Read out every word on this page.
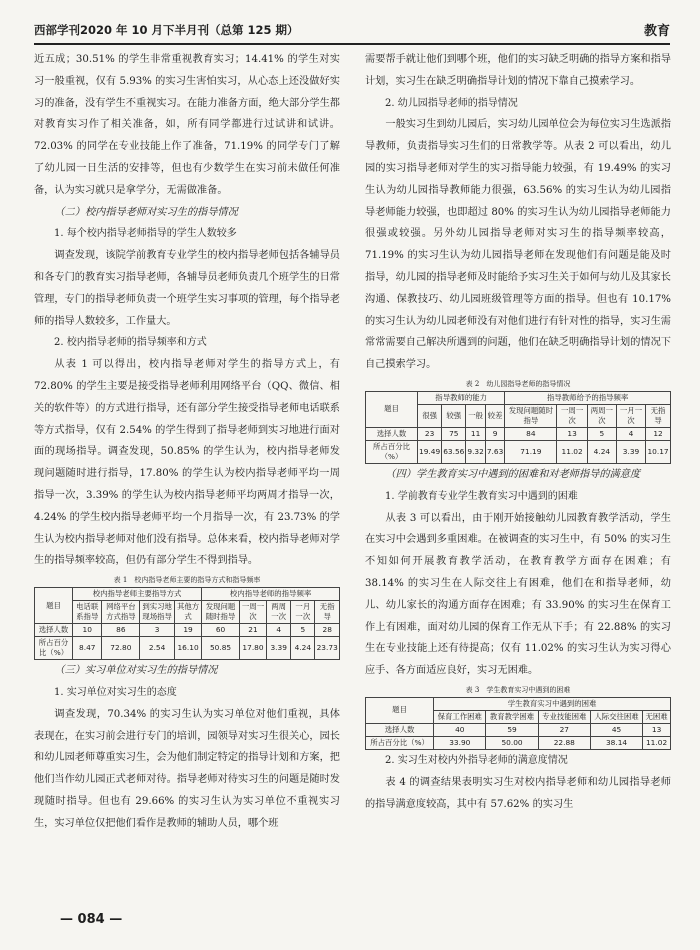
西部学刊2020 年 10 月下半月刊（总第 125 期）	教育

近五成；30.51% 的学生非常重视教育实习；14.41% 的学生对实习一般重视，仅有 5.93% 的实习生害怕实习，从心态上还没做好实习的准备，没有学生不重视实习。在能力准备方面，绝大部分学生都对教育实习作了相关准备，如，所有同学都进行过试讲和试讲。72.03% 的同学在专业技能上作了准备，71.19% 的同学专门了解了幼儿园一日生活的安排等，但也有少数学生在实习前未做任何准备，认为实习就只是拿学分，无需做准备。

（二）校内指导老师对实习生的指导情况

1. 每个校内指导老师指导的学生人数较多

调查发现，该院学前教育专业学生的校内指导老师包括各辅导员和各专门的教育实习指导老师，各辅导员老师负责几个班学生的日常管理，专门的指导老师负责一个班学生实习事项的管理，每个指导老师的指导人数较多，工作量大。

2. 校内指导老师的指导频率和方式

从表 1 可以得出，校内指导老师对学生的指导方式上，有 72.80% 的学生主要是接受指导老师利用网络平台（QQ、微信、相关的软件等）的方式进行指导，还有部分学生接受指导老师电话联系等方式指导，仅有 2.54% 的学生得到了指导老师到实习地进行面对面的现场指导。调查发现，50.85% 的学生认为，校内指导老师发现问题随时进行指导，17.80% 的学生认为校内指导老师平均一周指导一次，3.39% 的学生认为校内指导老师平均两周才指导一次，4.24% 的学生校内指导老师平均一个月指导一次，有 23.73% 的学生认为校内指导老师对他们没有指导。总体来看，校内指导老师对学生的指导频率较高，但仍有部分学生不得到指导。

表 1　校内指导老师主要的指导方式和指导频率
题目	校内指导老师主要指导方式				校内指导老师的指导频率				
	电话联系指导	网络平台方式指导	到实习地现场指导	其他方式	发现问题随时指导	一周一次	两周一次	一月一次	无指导
选择人数	10	86	3	19	60	21	4	5	28
所占百分比（%）	8.47	72.80	2.54	16.10	50.85	17.80	3.39	4.24	23.73

（三）实习单位对实习生的指导情况

1. 实习单位对实习生的态度

调查发现，70.34% 的实习生认为实习单位对他们重视，具体表现在，在实习前会进行专门的培训，园领导对实习生很关心，园长和幼儿园老师尊重实习生，会为他们制定特定的指导计划和方案，把他们当作幼儿园正式老师对待。指导老师对待实习生的问题是随时发现随时指导。但也有 29.66% 的实习生认为实习单位不重视实习生，实习单位仅把他们看作是教师的辅助人员，哪个班

需要帮手就让他们到哪个班，他们的实习缺乏明确的指导方案和指导计划，实习生在缺乏明确指导计划的情况下靠自己摸索学习。

2. 幼儿园指导老师的指导情况

一般实习生到幼儿园后，实习幼儿园单位会为每位实习生选派指导教师，负责指导实习生们的日常教学等。从表 2 可以看出，幼儿园的实习指导老师对学生的实习指导能力较强，有 19.49% 的实习生认为幼儿园指导教师能力很强，63.56% 的实习生认为幼儿园指导老师能力较强，也即超过 80% 的实习生认为幼儿园指导老师能力很强或较强。另外幼儿园指导老师对实习生的指导频率较高，71.19% 的实习生认为幼儿园指导老师在发现他们有问题是能及时指导，幼儿园的指导老师及时能给予实习生关于如何与幼儿及其家长沟通、保教技巧、幼儿园班级管理等方面的指导。但也有 10.17% 的实习生认为幼儿园老师没有对他们进行有针对性的指导，实习生需常常需要自己解决所遇到的问题，他们在缺乏明确指导计划的情况下自己摸索学习。

表 2　幼儿园指导老师的指导情况
题目	指导教师的能力				指导教师给予的指导频率				
	很强	较强	一般	较差	发现问题随时指导	一周一次	两周一次	一月一次	无指导
选择人数	23	75	11	9	84	13	5	4	12
所占百分比（%）	19.49	63.56	9.32	7.63	71.19	11.02	4.24	3.39	10.17

（四）学生教育实习中遇到的困难和对老师指导的满意度

1. 学前教育专业学生教育实习中遇到的困难

从表 3 可以看出，由于刚开始接触幼儿园教育教学活动，学生在实习中会遇到多重困难。在被调查的实习生中，有 50% 的实习生不知如何开展教育教学活动，在教育教学方面存在困难；有 38.14% 的实习生在人际交往上有困难，他们在和指导老师，幼儿、幼儿家长的沟通方面存在困难；有 33.90% 的实习生在保育工作上有困难，面对幼儿园的保育工作无从下手；有 22.88% 的实习生在专业技能上还有待提高；仅有 11.02% 的实习生认为实习得心应手、各方面适应良好，实习无困难。

表 3　学生教育实习中遇到的困难
题目	学生教育实习中遇到的困难				
	保育工作困难	教育教学困难	专业技能困难	人际交往困难	无困难
选择人数	40	59	27	45	13
所占百分比（%）	33.90	50.00	22.88	38.14	11.02

2. 实习生对校内外指导老师的满意度情况

表 4 的调查结果表明实习生对校内指导老师和幼儿园指导老师的指导满意度较高，其中有 57.62% 的实习生

— 084 —
